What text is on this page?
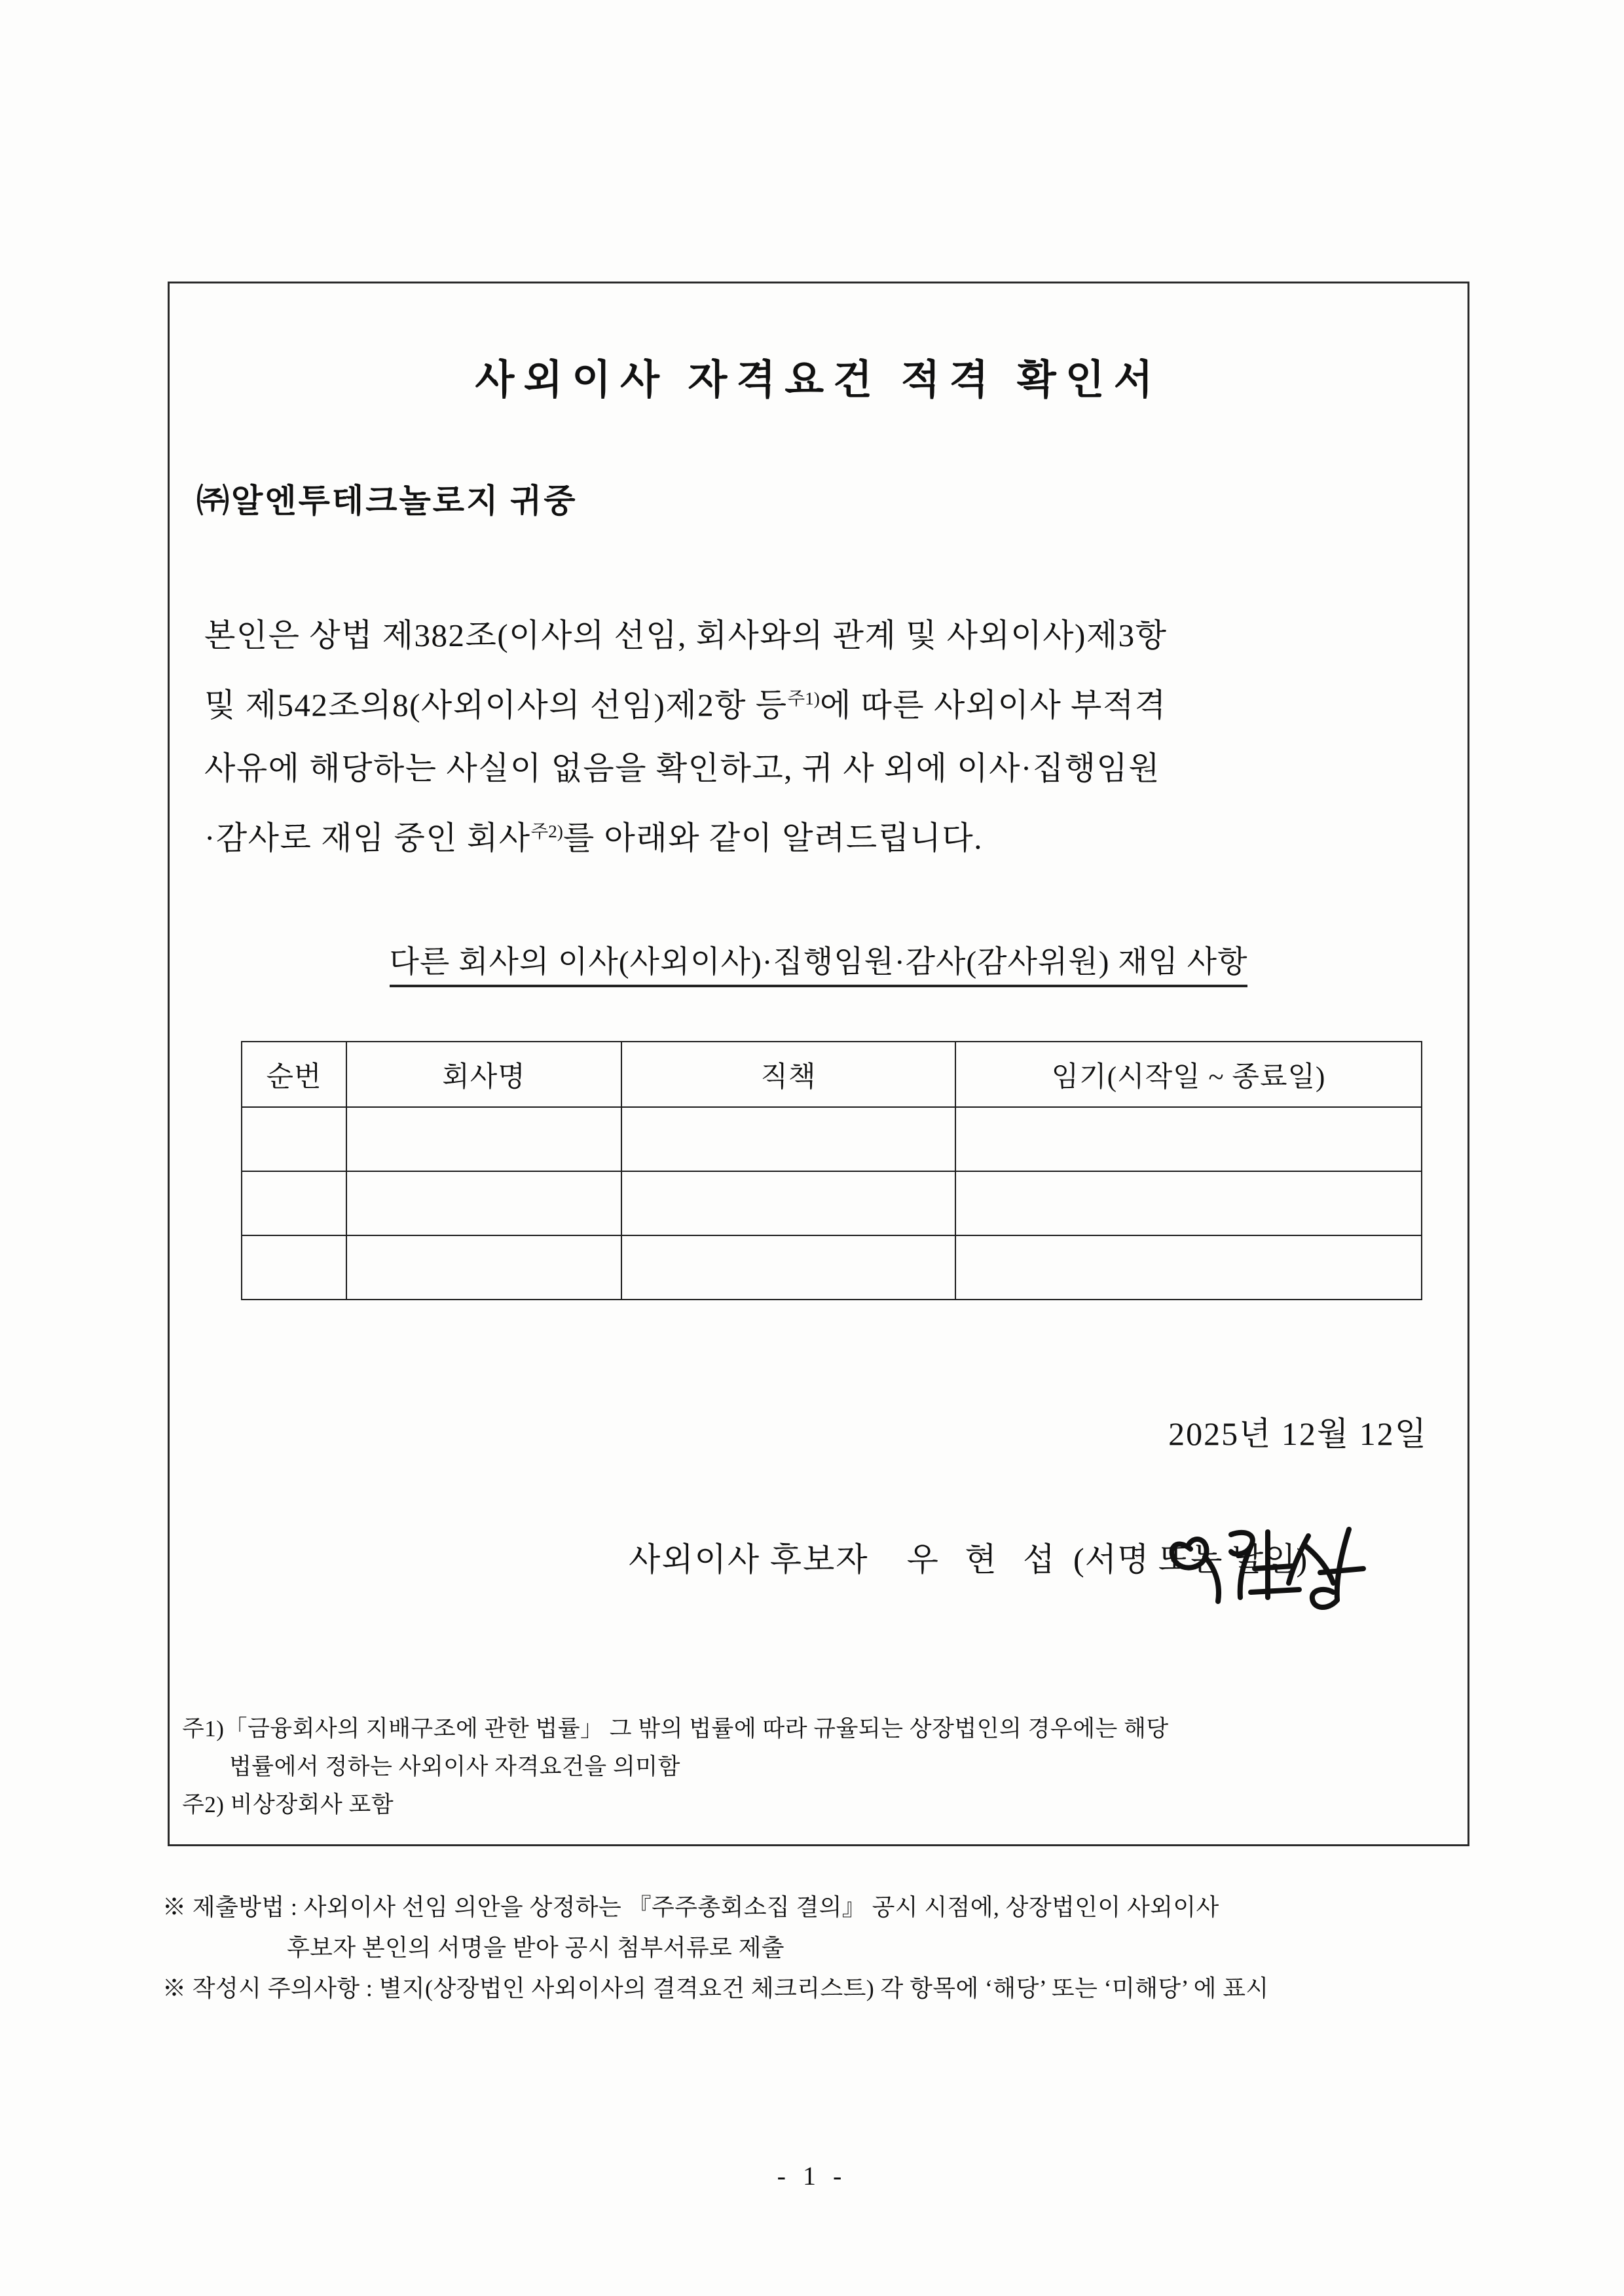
사외이사 자격요건 적격 확인서
㈜알엔투테크놀로지 귀중
본인은 상법 제382조(이사의 선임, 회사와의 관계 및 사외이사)제3항
및 제542조의8(사외이사의 선임)제2항 등$^{주1)}$에 따른 사외이사 부적격
사유에 해당하는 사실이 없음을 확인하고, 귀 사 외에 이사·집행임원
·감사로 재임 중인 회사$^{주2)}$를 아래와 같이 알려드립니다.
다른 회사의 이사(사외이사)·집행임원·감사(감사위원) 재임 사항
순번	회사명	직책	임기(시작일 ~ 종료일)

2025년 12월 12일
사외이사 후보자 우 현 섭 (서명 또는 날인)
주1)「금융회사의 지배구조에 관한 법률」 그 밖의 법률에 따라 규율되는 상장법인의 경우에는 해당
법률에서 정하는 사외이사 자격요건을 의미함
주2) 비상장회사 포함
※ 제출방법 : 사외이사 선임 의안을 상정하는 『주주총회소집 결의』 공시 시점에, 상장법인이 사외이사
후보자 본인의 서명을 받아 공시 첨부서류로 제출
※ 작성시 주의사항 : 별지(상장법인 사외이사의 결격요건 체크리스트) 각 항목에 ‘해당’ 또는 ‘미해당’ 에 표시
- 1 -
